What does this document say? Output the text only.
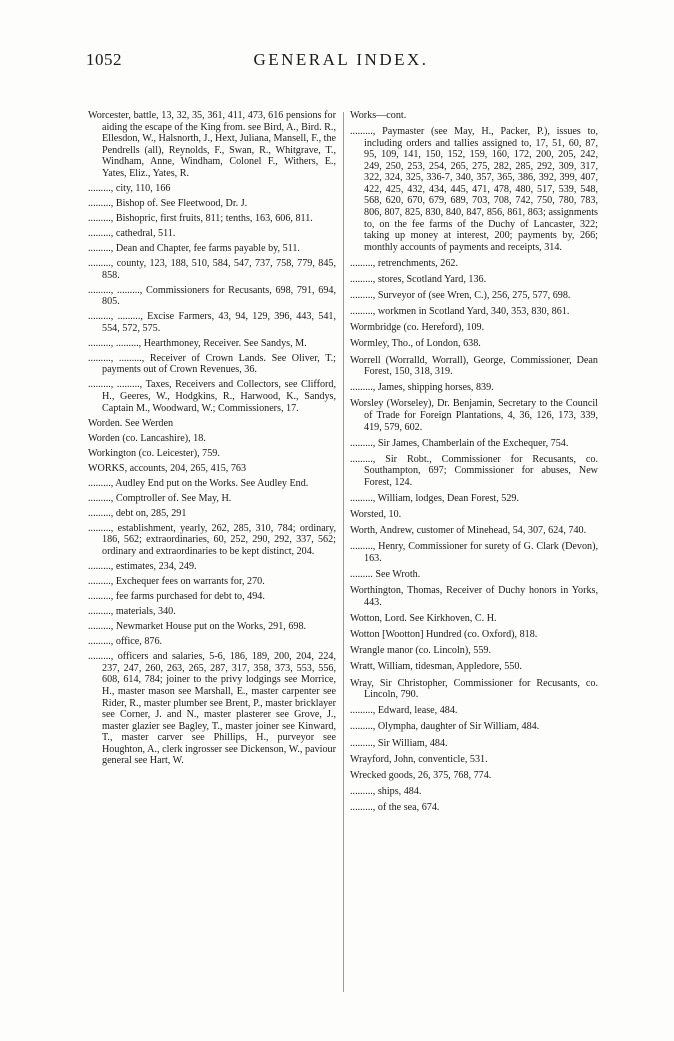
1052	GENERAL INDEX.

Worcester, battle, 13, 32, 35, 361, 411, 473, 616 pensions for aiding the escape of the King from. see Bird, A., Bird. R., Ellesdon, W., Halsnorth, J., Hext, Juliana, Mansell, F., the Pendrells (all), Reynolds, F., Swan, R., Whitgrave, T., Windham, Anne, Windham, Colonel F., Withers, E., Yates, Eliz., Yates, R.

........., city, 110, 166

........., Bishop of. See Fleetwood, Dr. J.

........., Bishopric, first fruits, 811; tenths, 163, 606, 811.

........., cathedral, 511.

........., Dean and Chapter, fee farms payable by, 511.

........., county, 123, 188, 510, 584, 547, 737, 758, 779, 845, 858.

........., ........., Commissioners for Recusants, 698, 791, 694, 805.

........., ........., Excise Farmers, 43, 94, 129, 396, 443, 541, 554, 572, 575.

........., ........., Hearthmoney, Receiver. See Sandys, M.

........., ........., Receiver of Crown Lands. See Oliver, T.; payments out of Crown Revenues, 36.

........., ........., Taxes, Receivers and Collectors, see Clifford, H., Geeres, W., Hodgkins, R., Harwood, K., Sandys, Captain M., Woodward, W.; Commissioners, 17.

Worden. See Werden

Worden (co. Lancashire), 18.

Workington (co. Leicester), 759.

WORKS, accounts, 204, 265, 415, 763

........., Audley End put on the Works. See Audley End.

........., Comptroller of. See May, H.

........., debt on, 285, 291

........., establishment, yearly, 262, 285, 310, 784; ordinary, 186, 562; extraordinaries, 60, 252, 290, 292, 337, 562; ordinary and extraordinaries to be kept distinct, 204.

........., estimates, 234, 249.

........., Exchequer fees on warrants for, 270.

........., fee farms purchased for debt to, 494.

........., materials, 340.

........., Newmarket House put on the Works, 291, 698.

........., office, 876.

........., officers and salaries, 5-6, 186, 189, 200, 204, 224, 237, 247, 260, 263, 265, 287, 317, 358, 373, 553, 556, 608, 614, 784; joiner to the privy lodgings see Morrice, H., master mason see Marshall, E., master carpenter see Rider, R., master plumber see Brent, P., master bricklayer see Corner, J. and N., master plasterer see Grove, J., master glazier see Bagley, T., master joiner see Kinward, T., master carver see Phillips, H., purveyor see Houghton, A., clerk ingrosser see Dickenson, W., paviour general see Hart, W.

Works—cont.

........., Paymaster (see May, H., Packer, P.), issues to, including orders and tallies assigned to, 17, 51, 60, 87, 95, 109, 141, 150, 152, 159, 160, 172, 200, 205, 242, 249, 250, 253, 254, 265, 275, 282, 285, 292, 309, 317, 322, 324, 325, 336-7, 340, 357, 365, 386, 392, 399, 407, 422, 425, 432, 434, 445, 471, 478, 480, 517, 539, 548, 568, 620, 670, 679, 689, 703, 708, 742, 750, 780, 783, 806, 807, 825, 830, 840, 847, 856, 861, 863; assignments to, on the fee farms of the Duchy of Lancaster, 322; taking up money at interest, 200; payments by, 266; monthly accounts of payments and receipts, 314.

........., retrenchments, 262.

........., stores, Scotland Yard, 136.

........., Surveyor of (see Wren, C.), 256, 275, 577, 698.

........., workmen in Scotland Yard, 340, 353, 830, 861.

Wormbridge (co. Hereford), 109.

Wormley, Tho., of London, 638.

Worrell (Worralld, Worrall), George, Commissioner, Dean Forest, 150, 318, 319.

........., James, shipping horses, 839.

Worsley (Worseley), Dr. Benjamin, Secretary to the Council of Trade for Foreign Plantations, 4, 36, 126, 173, 339, 419, 579, 602.

........., Sir James, Chamberlain of the Exchequer, 754.

........., Sir Robt., Commissioner for Recusants, co. Southampton, 697; Commissioner for abuses, New Forest, 124.

........., William, lodges, Dean Forest, 529.

Worsted, 10.

Worth, Andrew, customer of Minehead, 54, 307, 624, 740.

........., Henry, Commissioner for surety of G. Clark (Devon), 163.

......... See Wroth.

Worthington, Thomas, Receiver of Duchy honors in Yorks, 443.

Wotton, Lord. See Kirkhoven, C. H.

Wotton [Wootton] Hundred (co. Oxford), 818.

Wrangle manor (co. Lincoln), 559.

Wratt, William, tidesman, Appledore, 550.

Wray, Sir Christopher, Commissioner for Recusants, co. Lincoln, 790.

........., Edward, lease, 484.

........., Olympha, daughter of Sir William, 484.

........., Sir William, 484.

Wrayford, John, conventicle, 531.

Wrecked goods, 26, 375, 768, 774.

........., ships, 484.

........., of the sea, 674.
